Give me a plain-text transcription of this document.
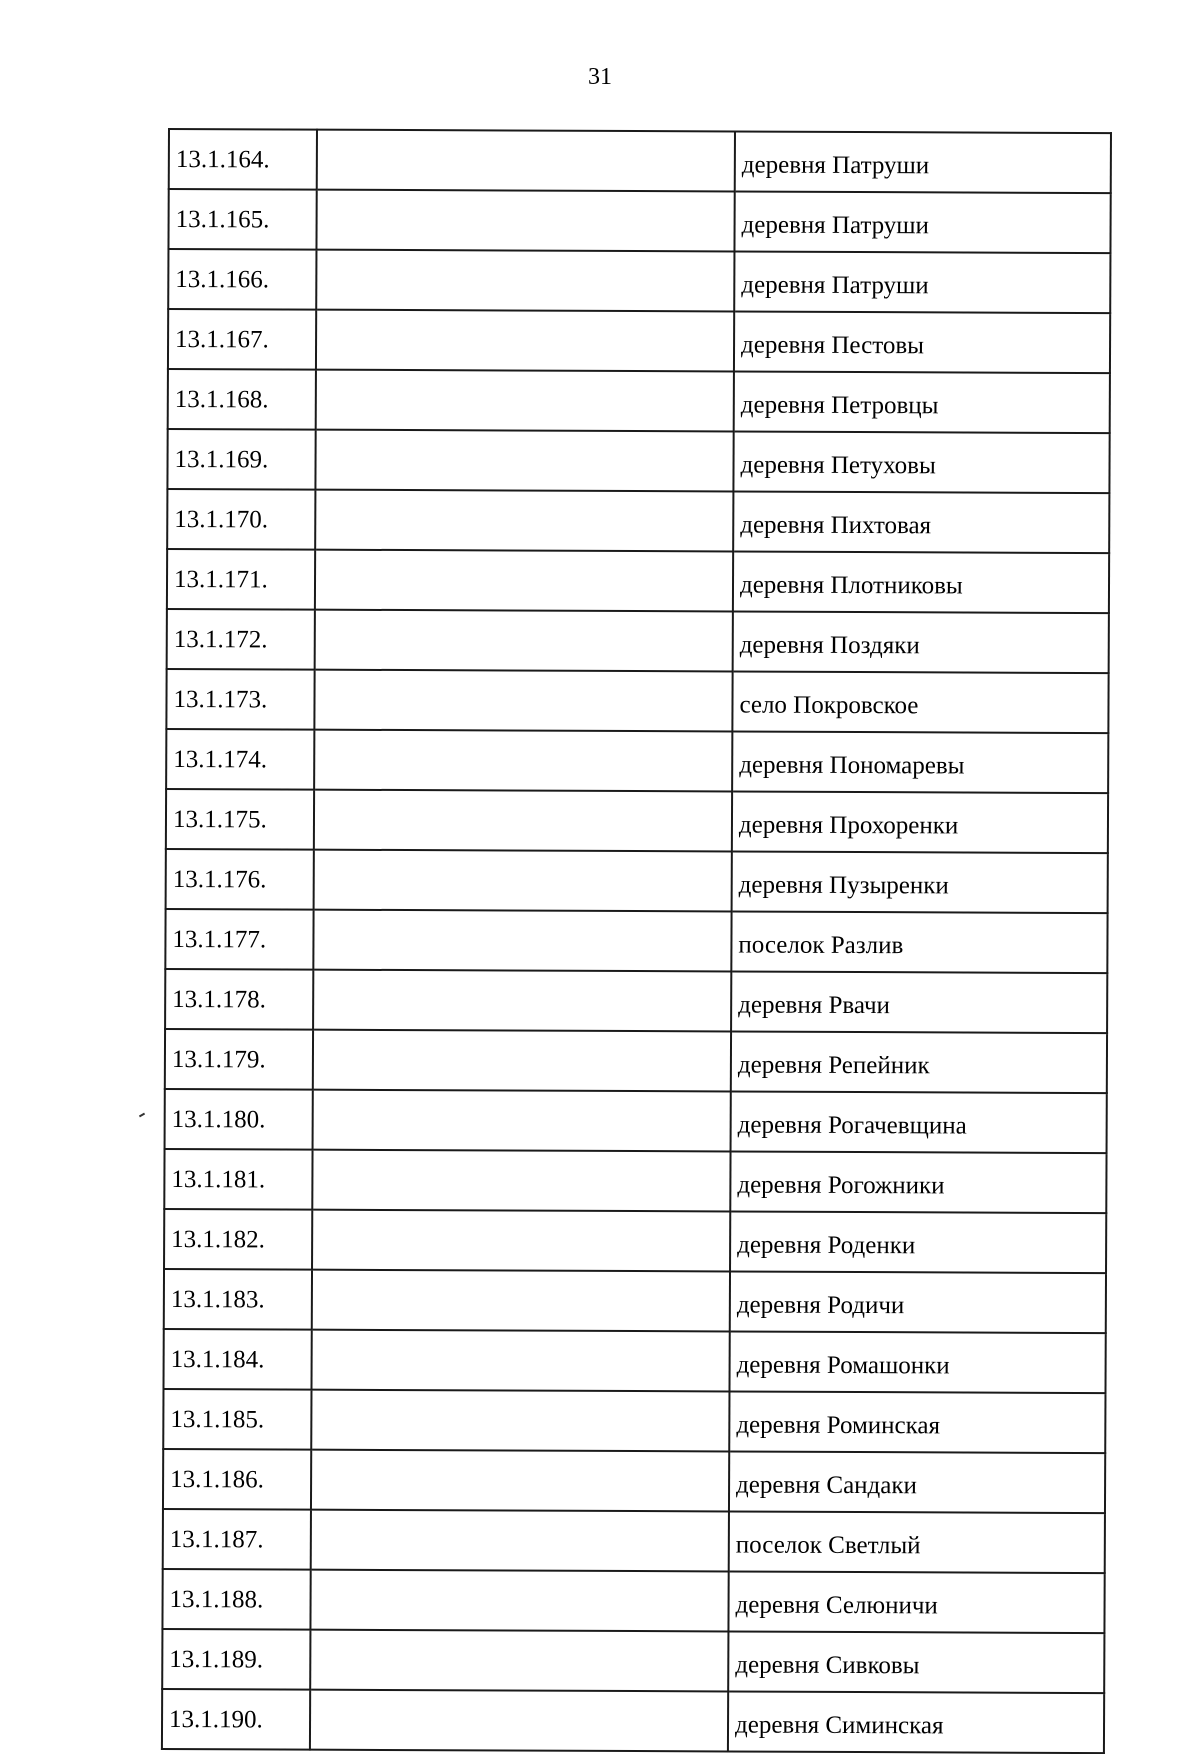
31
13.1.164.		деревня Патруши
13.1.165.		деревня Патруши
13.1.166.		деревня Патруши
13.1.167.		деревня Пестовы
13.1.168.		деревня Петровцы
13.1.169.		деревня Петуховы
13.1.170.		деревня Пихтовая
13.1.171.		деревня Плотниковы
13.1.172.		деревня Поздяки
13.1.173.		село Покровское
13.1.174.		деревня Пономаревы
13.1.175.		деревня Прохоренки
13.1.176.		деревня Пузыренки
13.1.177.		поселок Разлив
13.1.178.		деревня Рвачи
13.1.179.		деревня Репейник
13.1.180.		деревня Рогачевщина
13.1.181.		деревня Рогожники
13.1.182.		деревня Роденки
13.1.183.		деревня Родичи
13.1.184.		деревня Ромашонки
13.1.185.		деревня Роминская
13.1.186.		деревня Сандаки
13.1.187.		поселок Светлый
13.1.188.		деревня Селюничи
13.1.189.		деревня Сивковы
13.1.190.		деревня Симинская
